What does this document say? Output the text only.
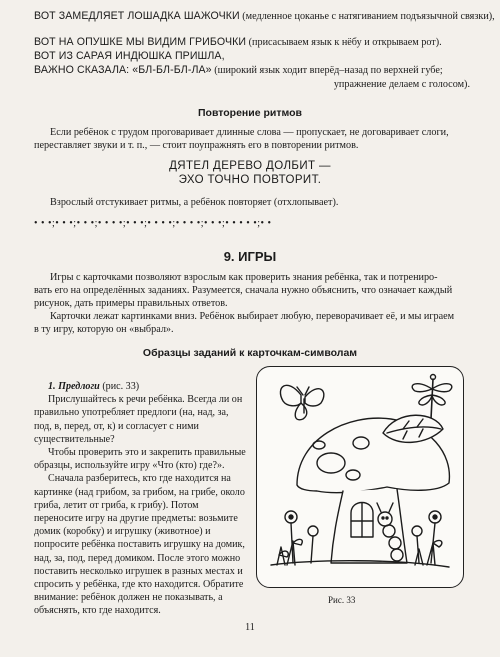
ВОТ ЗАМЕДЛЯЕТ ЛОШАДКА ШАЖОЧКИ (медленное цоканье с натягиванием подъязычной связки),
ВОТ НА ОПУШКЕ МЫ ВИДИМ ГРИБОЧКИ (присасываем язык к нёбу и открываем рот).
ВОТ ИЗ САРАЯ ИНДЮШКА ПРИШЛА,
ВАЖНО СКАЗАЛА: «БЛ-БЛ-БЛ-ЛА» (широкий язык ходит вперёд–назад по верхней губе;
упражнение делаем с голосом).
Повторение ритмов
Если ребёнок с трудом проговаривает длинные слова — пропускает, не договаривает слоги,
переставляет звуки и т. п., — стоит поупражнять его в повторении ритмов.
ДЯТЕЛ ДЕРЕВО ДОЛБИТ —
ЭХО ТОЧНО ПОВТОРИТ.
Взрослый отстукивает ритмы, а ребёнок повторяет (отхлопывает).
• • •;• • •;• • •;• • • •;• • •;• • • •;• • • •;• • •;• • • • •;• •
9. ИГРЫ
Игры с карточками позволяют взрослым как проверить знания ребёнка, так и потрениро-
вать его на определённых заданиях. Разумеется, сначала нужно объяснить, что означает каждый
рисунок, дать примеры правильных ответов.
Карточки лежат картинками вниз. Ребёнок выбирает любую, переворачивает её, и мы играем
в ту игру, которую он «выбрал».
Образцы заданий к карточкам-символам

1. Предлоги (рис. 33)

Прислушайтесь к речи ребёнка. Всегда ли он правильно употребляет предлоги (на, над, за, под, в, перед, от, к) и согласует с ними существительные?

Чтобы проверить это и закрепить правильные образцы, используйте игру «Что (кто) где?».

Сначала разберитесь, кто где находится на картинке (над грибом, за грибом, на грибе, около гриба, летит от гриба, к грибу). Потом переносите игру на другие предметы: возьмите домик (коробку) и игрушку (животное) и попросите ребёнка поставить игрушку на домик, над, за, под, перед домиком. После этого можно поставить несколько игрушек в разных местах и спросить у ребёнка, где кто находится. Обратите внимание: ребёнок должен не показывать, а объяснять, кто где находится.

Рис. 33
11
